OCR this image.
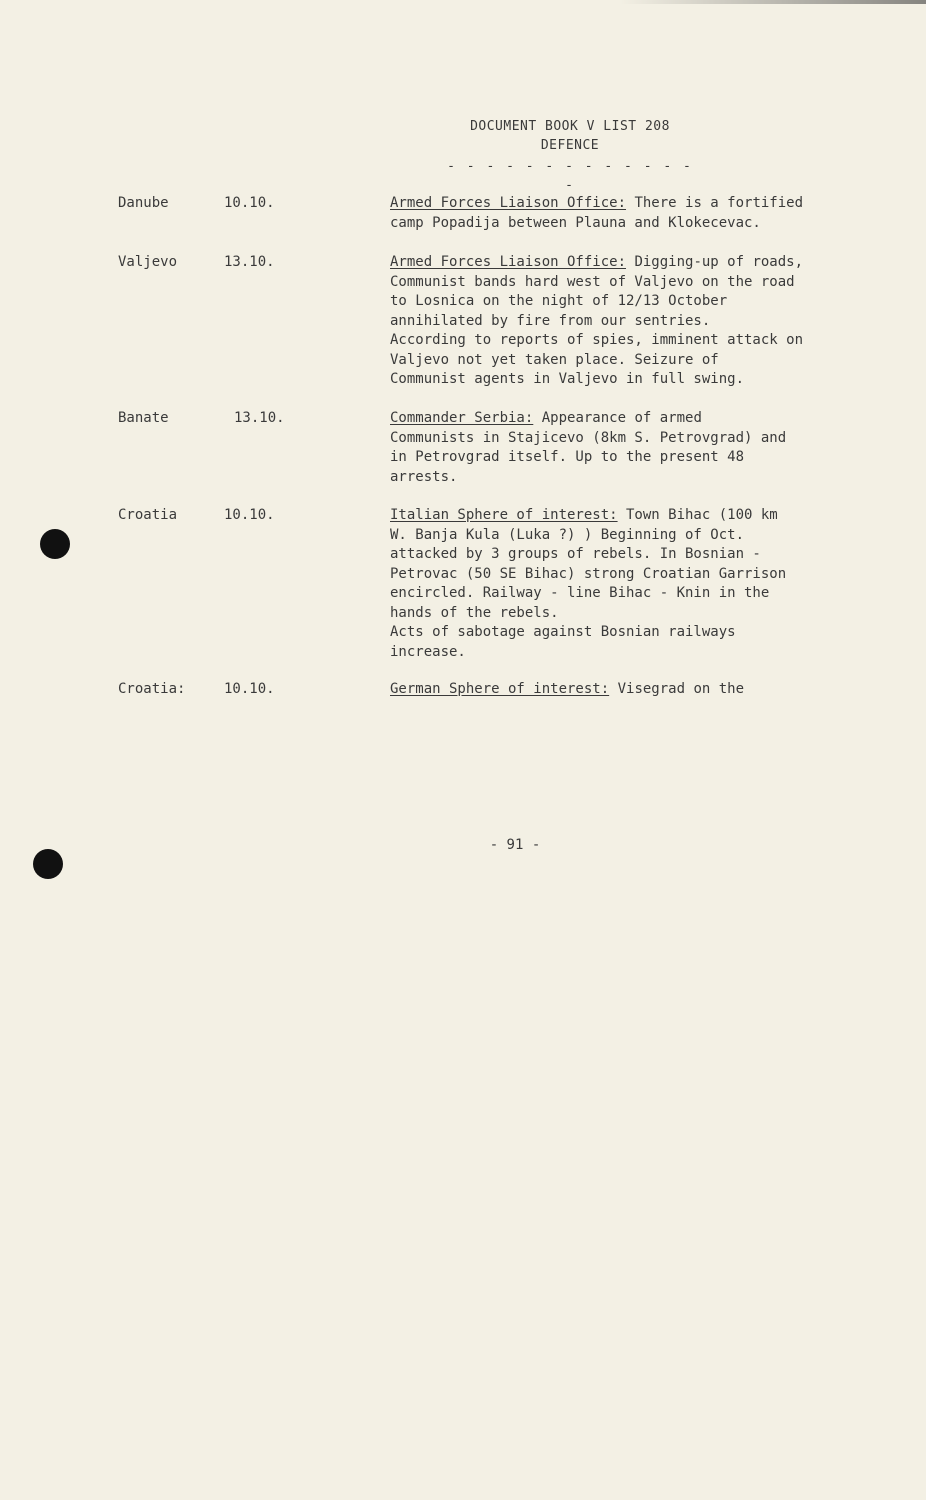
DOCUMENT BOOK V LIST 208
DEFENCE
- - - - - - - - - - - - - -
Danube	10.10.	Armed Forces Liaison Office: There is a fortified
camp Popadija between Plauna and Klokecevac.
Valjevo	13.10.	Armed Forces Liaison Office: Digging-up of roads,
Communist bands hard west of Valjevo on the road
to Losnica on the night of 12/13 October
annihilated by fire from our sentries.
According to reports of spies, imminent attack on
Valjevo not yet taken place. Seizure of
Communist agents in Valjevo in full swing.
Banate	13.10.	Commander Serbia: Appearance of armed
Communists in Stajicevo (8km S. Petrovgrad) and
in Petrovgrad itself. Up to the present 48
arrests.
Croatia	10.10.	Italian Sphere of interest: Town Bihac (100 km
W. Banja Kula (Luka ?) ) Beginning of Oct.
attacked by 3 groups of rebels. In Bosnian -
Petrovac (50 SE Bihac) strong Croatian Garrison
encircled. Railway - line Bihac - Knin in the
hands of the rebels.
Acts of sabotage against Bosnian railways
increase.
Croatia:	10.10.	German Sphere of interest: Visegrad on the
- 91 -
